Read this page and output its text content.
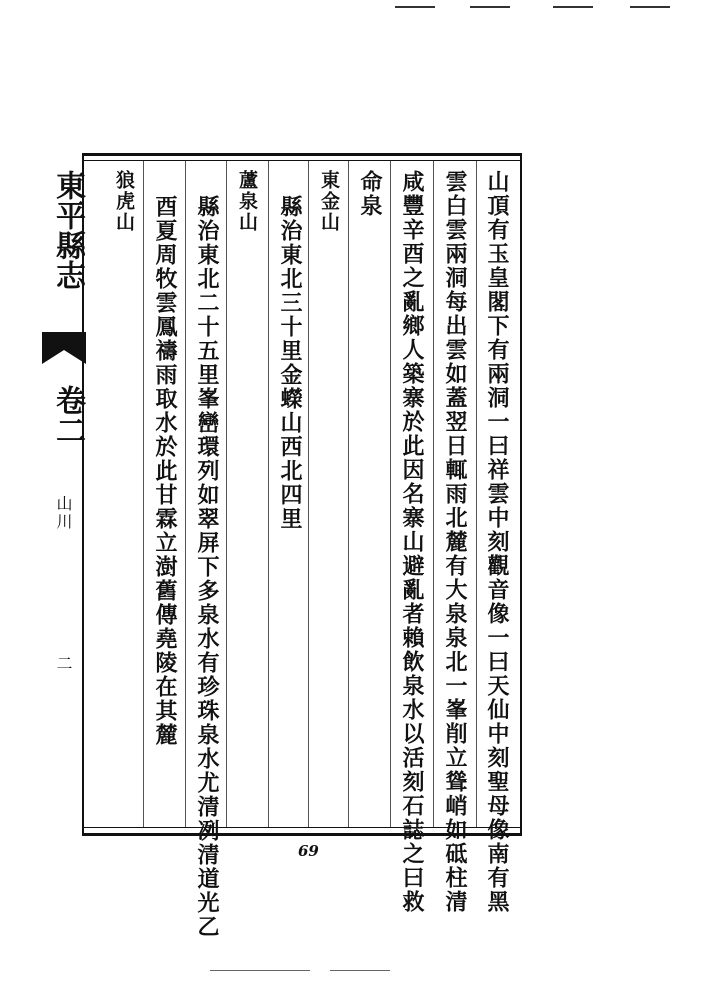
山頂有玉皇閣下有兩洞一曰祥雲中刻觀音像一曰天仙中刻聖母像南有黑
雲白雲兩洞每出雲如蓋翌日輒雨北麓有大泉泉北一峯削立聳峭如砥柱清
咸豐辛酉之亂鄉人築寨於此因名寨山避亂者賴飲泉水以活刻石誌之曰救
命泉
東金山
縣治東北三十里金蠑山西北四里
蘆泉山
縣治東北二十五里峯巒環列如翠屏下多泉水有珍珠泉水尤清冽清道光乙
酉夏周牧雲鳳禱雨取水於此甘霖立澍舊傳堯陵在其麓
狼虎山
東平縣志
卷二
山川
二
69
